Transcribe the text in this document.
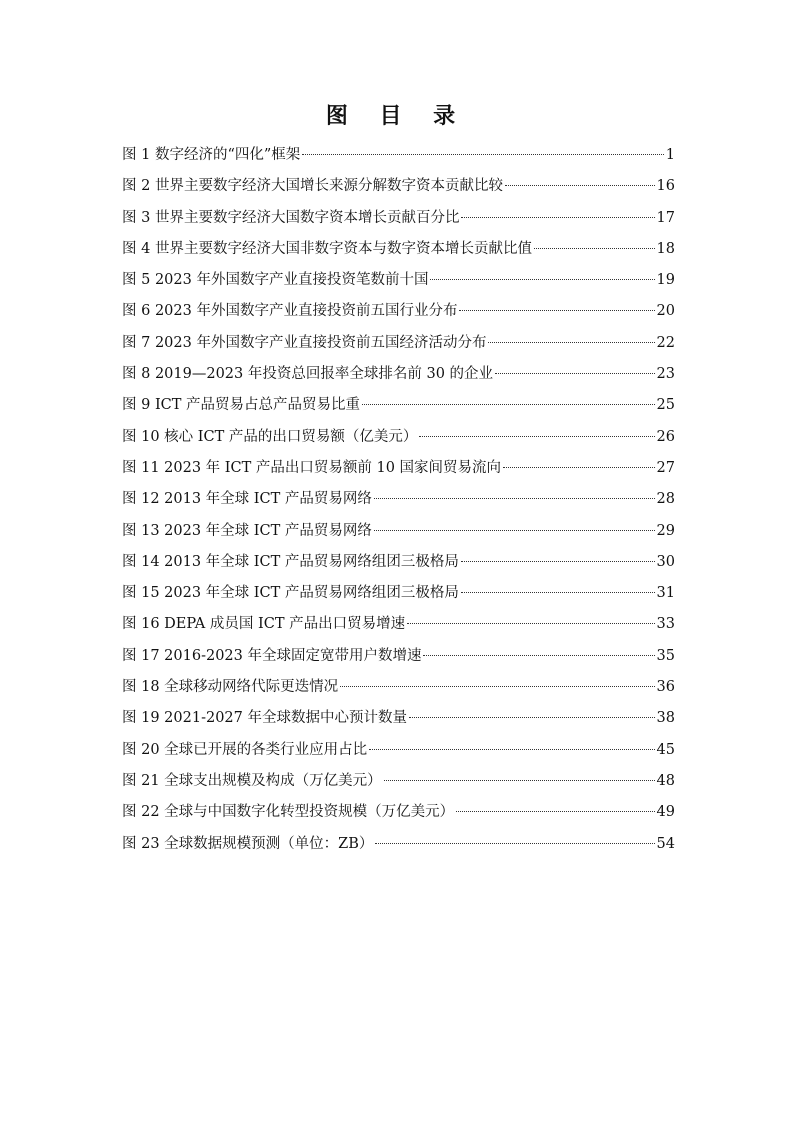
图 目 录
图 1 数字经济的“四化”框架	1
图 2 世界主要数字经济大国增长来源分解数字资本贡献比较	16
图 3 世界主要数字经济大国数字资本增长贡献百分比	17
图 4 世界主要数字经济大国非数字资本与数字资本增长贡献比值	18
图 5 2023 年外国数字产业直接投资笔数前十国	19
图 6 2023 年外国数字产业直接投资前五国行业分布	20
图 7 2023 年外国数字产业直接投资前五国经济活动分布	22
图 8 2019—2023 年投资总回报率全球排名前 30 的企业	23
图 9 ICT 产品贸易占总产品贸易比重	25
图 10 核心 ICT 产品的出口贸易额（亿美元）	26
图 11 2023 年 ICT 产品出口贸易额前 10 国家间贸易流向	27
图 12 2013 年全球 ICT 产品贸易网络	28
图 13 2023 年全球 ICT 产品贸易网络	29
图 14 2013 年全球 ICT 产品贸易网络组团三极格局	30
图 15 2023 年全球 ICT 产品贸易网络组团三极格局	31
图 16 DEPA 成员国 ICT 产品出口贸易增速	33
图 17 2016-2023 年全球固定宽带用户数增速	35
图 18 全球移动网络代际更迭情况	36
图 19 2021-2027 年全球数据中心预计数量	38
图 20 全球已开展的各类行业应用占比	45
图 21 全球支出规模及构成（万亿美元）	48
图 22 全球与中国数字化转型投资规模（万亿美元）	49
图 23 全球数据规模预测（单位：ZB）	54
